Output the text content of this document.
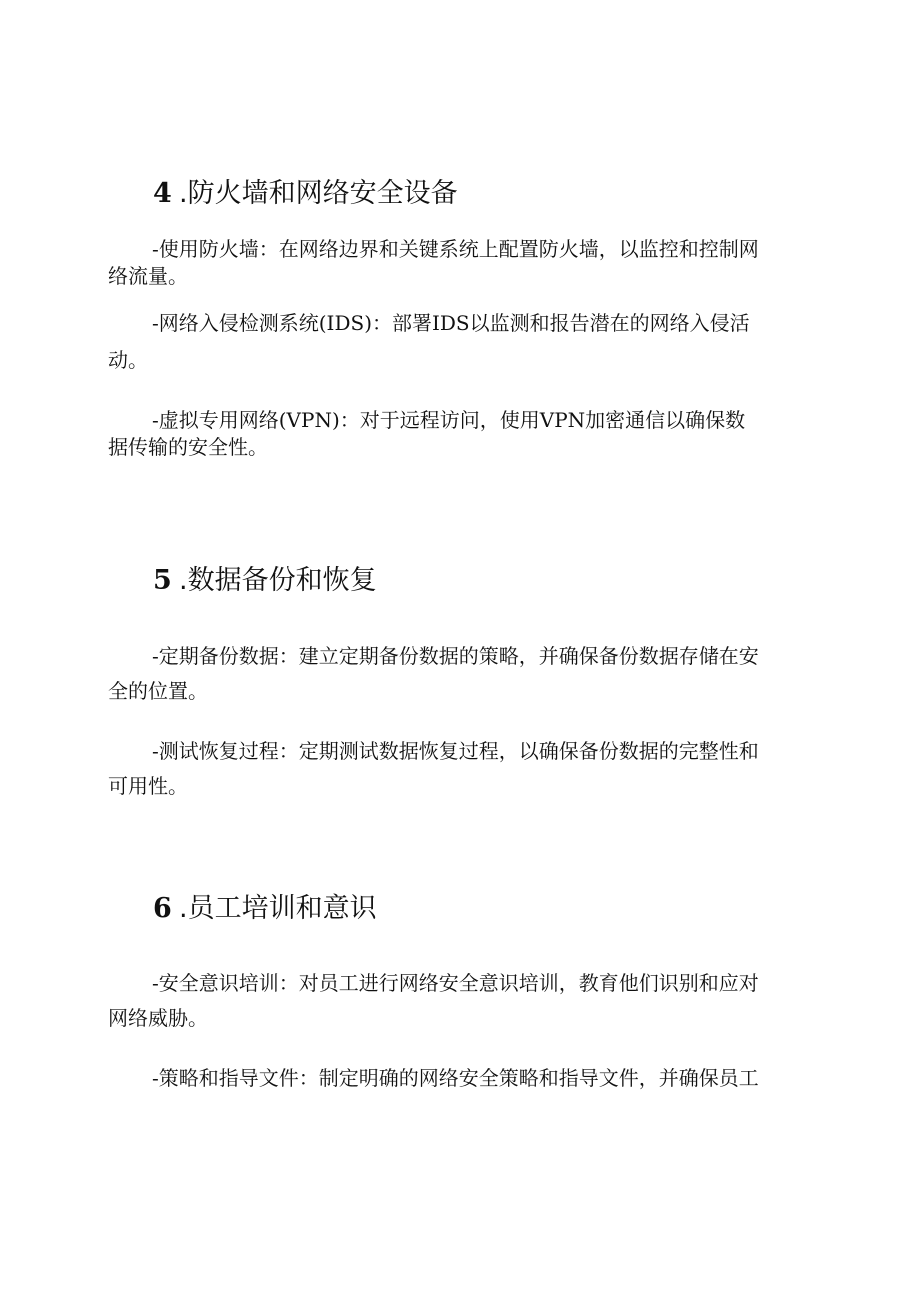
4 .防火墙和网络安全设备
-使用防火墙：在网络边界和关键系统上配置防火墙，以监控和控制网
络流量。
-网络入侵检测系统(IDS)：部署IDS以监测和报告潜在的网络入侵活
动。
-虚拟专用网络(VPN)：对于远程访问，使用VPN加密通信以确保数
据传输的安全性。
5 .数据备份和恢复
-定期备份数据：建立定期备份数据的策略，并确保备份数据存储在安
全的位置。
-测试恢复过程：定期测试数据恢复过程，以确保备份数据的完整性和
可用性。
6 .员工培训和意识
-安全意识培训：对员工进行网络安全意识培训，教育他们识别和应对
网络威胁。
-策略和指导文件：制定明确的网络安全策略和指导文件，并确保员工
